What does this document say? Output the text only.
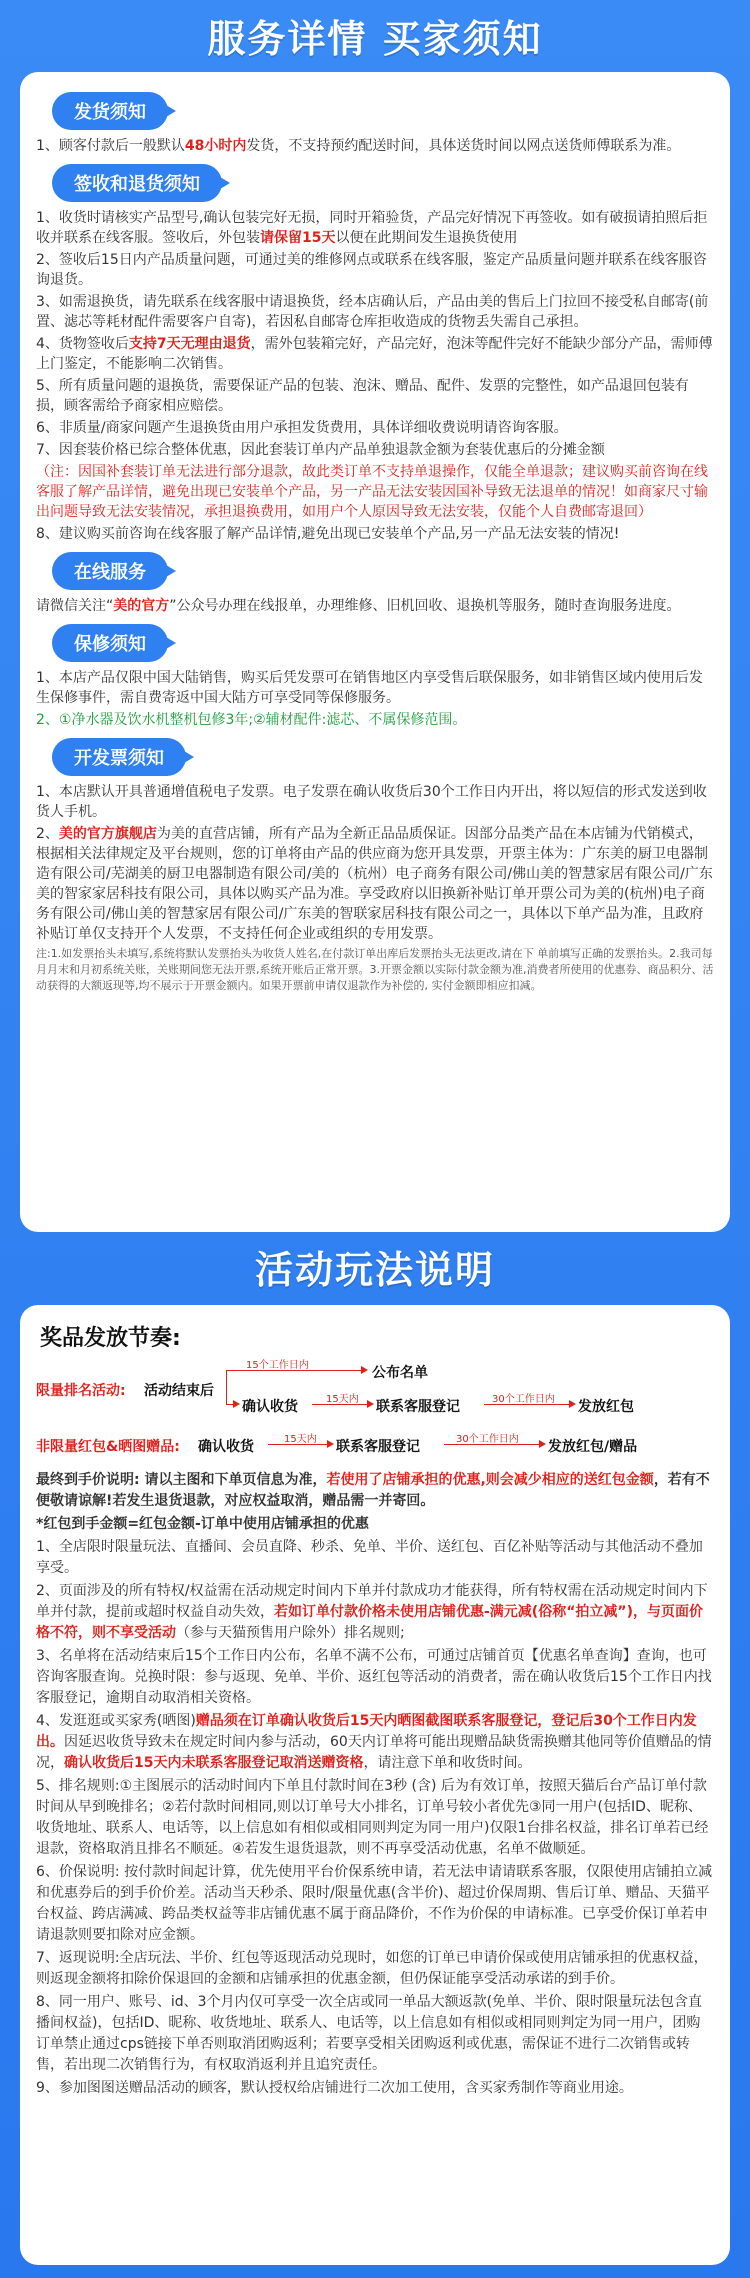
服务详情 买家须知
发货须知
1、顾客付款后一般默认48小时内发货，不支持预约配送时间，具体送货时间以网点送货师傅联系为准。
签收和退货须知
1、收货时请核实产品型号,确认包装完好无损，同时开箱验货，产品完好情况下再签收。如有破损请拍照后拒收并联系在线客服。签收后，外包装请保留15天以便在此期间发生退换货使用
2、签收后15日内产品质量问题，可通过美的维修网点或联系在线客服，鉴定产品质量问题并联系在线客服咨询退货。
3、如需退换货，请先联系在线客服中请退换货，经本店确认后，产品由美的售后上门拉回不接受私自邮寄(前置、滤芯等耗材配件需要客户自寄)，若因私自邮寄仓库拒收造成的货物丢失需自己承担。
4、货物签收后支持7天无理由退货，需外包装箱完好，产品完好，泡沫等配件完好不能缺少部分产品，需师傅上门鉴定，不能影响二次销售。
5、所有质量问题的退换货，需要保证产品的包装、泡沫、赠品、配件、发票的完整性，如产品退回包装有损，顾客需给予商家相应赔偿。
6、非质量/商家问题产生退换货由用户承担发货费用，具体详细收费说明请咨询客服。
7、因套装价格已综合整体优惠，因此套装订单内产品单独退款金额为套装优惠后的分摊金额
（注：因国补套装订单无法进行部分退款，故此类订单不支持单退操作，仅能全单退款；建议购买前咨询在线客服了解产品详情，避免出现已安装单个产品，另一产品无法安装因国补导致无法退单的情况！如商家尺寸输出问题导致无法安装情况，承担退换费用，如用户个人原因导致无法安装，仅能个人自费邮寄退回）
8、建议购买前咨询在线客服了解产品详情,避免出现已安装单个产品,另一产品无法安装的情况!
在线服务
请微信关注“美的官方”公众号办理在线报单，办理维修、旧机回收、退换机等服务，随时查询服务进度。
保修须知
1、本店产品仅限中国大陆销售，购买后凭发票可在销售地区内享受售后联保服务，如非销售区域内使用后发生保修事件，需自费寄返中国大陆方可享受同等保修服务。
2、①净水器及饮水机整机包修3年;②辅材配件:滤芯、不属保修范围。
开发票须知
1、本店默认开具普通增值税电子发票。电子发票在确认收货后30个工作日内开出，将以短信的形式发送到收货人手机。
2、美的官方旗舰店为美的直营店铺，所有产品为全新正品品质保证。因部分品类产品在本店铺为代销模式，根据相关法律规定及平台规则，您的订单将由产品的供应商为您开具发票，开票主体为：广东美的厨卫电器制造有限公司/芜湖美的厨卫电器制造有限公司/美的（杭州）电子商务有限公司/佛山美的智慧家居有限公司/广东美的智家家居科技有限公司，具体以购买产品为准。享受政府以旧换新补贴订单开票公司为美的(杭州)电子商务有限公司/佛山美的智慧家居有限公司/广东美的智联家居科技有限公司之一，具体以下单产品为准，且政府补贴订单仅支持开个人发票，不支持任何企业或组织的专用发票。
注:1.如发票抬头未填写,系统将默认发票抬头为收货人姓名,在付款订单出库后发票抬头无法更改,请在下 单前填写正确的发票抬头。2.我司每月月末和月初系统关账，关账期间您无法开票,系统开账后正常开票。3.开票金额以实际付款金额为准,消费者所使用的优惠券、商品积分、活动获得的大额返现等,均不展示于开票金额内。如果开票前申请仅退款作为补偿的, 实付金额即相应扣减。
活动玩法说明
奖品发放节奏:
限量排名活动: 活动结束后
15个工作日内	公布名单
确认收货	15天内 联系客服登记	30个工作日内 发放红包
非限量红包&晒图赠品: 确认收货	15天内 联系客服登记	30个工作日内 发放红包/赠品
最终到手价说明: 请以主图和下单页信息为准，若使用了店铺承担的优惠,则会减少相应的送红包金额，若有不便敬请谅解!若发生退货退款，对应权益取消，赠品需一并寄回。
*红包到手金额=红包金额-订单中使用店铺承担的优惠
1、全店限时限量玩法、直播间、会员直降、秒杀、免单、半价、送红包、百亿补贴等活动与其他活动不叠加享受。
2、页面涉及的所有特权/权益需在活动规定时间内下单并付款成功才能获得，所有特权需在活动规定时间内下单并付款，提前或超时权益自动失效，若如订单付款价格未使用店铺优惠-满元减(俗称“拍立减”)，与页面价格不符，则不享受活动（参与天猫预售用户除外）排名规则;
3、名单将在活动结束后15个工作日内公布，名单不满不公布，可通过店铺首页【优惠名单查询】查询，也可咨询客服查询。兑换时限：参与返现、免单、半价、返红包等活动的消费者，需在确认收货后15个工作日内找客服登记，逾期自动取消相关资格。
4、发逛逛或买家秀(晒图)赠品须在订单确认收货后15天内晒图截图联系客服登记，登记后30个工作日内发出。因延迟收货导致未在规定时间内参与活动，60天内订单将可能出现赠品缺货需换赠其他同等价值赠品的情况，确认收货后15天内未联系客服登记取消送赠资格，请注意下单和收货时间。
5、排名规则:①主图展示的活动时间内下单且付款时间在3秒 (含) 后为有效订单，按照天猫后台产品订单付款时间从早到晚排名；②若付款时间相同,则以订单号大小排名，订单号较小者优先③同一用户(包括ID、昵称、收货地址、联系人、电话等，以上信息如有相似或相同则判定为同一用户)仅限1台排名权益，排名订单若已经退款，资格取消且排名不顺延。④若发生退货退款，则不再享受活动优惠，名单不做顺延。
6、价保说明: 按付款时间起计算，优先使用平台价保系统申请，若无法申请请联系客服，仅限使用店铺拍立减和优惠券后的到手价价差。活动当天秒杀、限时/限量优惠(含半价)、超过价保周期、售后订单、赠品、天猫平台权益、跨店满减、跨品类权益等非店铺优惠不属于商品降价，不作为价保的申请标准。已享受价保订单若申请退款则要扣除对应金额。
7、返现说明:全店玩法、半价、红包等返现活动兑现时，如您的订单已申请价保或使用店铺承担的优惠权益，则返现金额将扣除价保退回的金额和店铺承担的优惠金额，但仍保证能享受活动承诺的到手价。
8、同一用户、账号、id、3个月内仅可享受一次全店或同一单品大额返款(免单、半价、限时限量玩法包含直播间权益)，包括ID、昵称、收货地址、联系人、电话等，以上信息如有相似或相同则判定为同一用户，团购订单禁止通过cps链接下单否则取消团购返利；若要享受相关团购返利或优惠，需保证不进行二次销售或转售，若出现二次销售行为，有权取消返利并且追究责任。
9、参加图图送赠品活动的顾客，默认授权给店铺进行二次加工使用，含买家秀制作等商业用途。
